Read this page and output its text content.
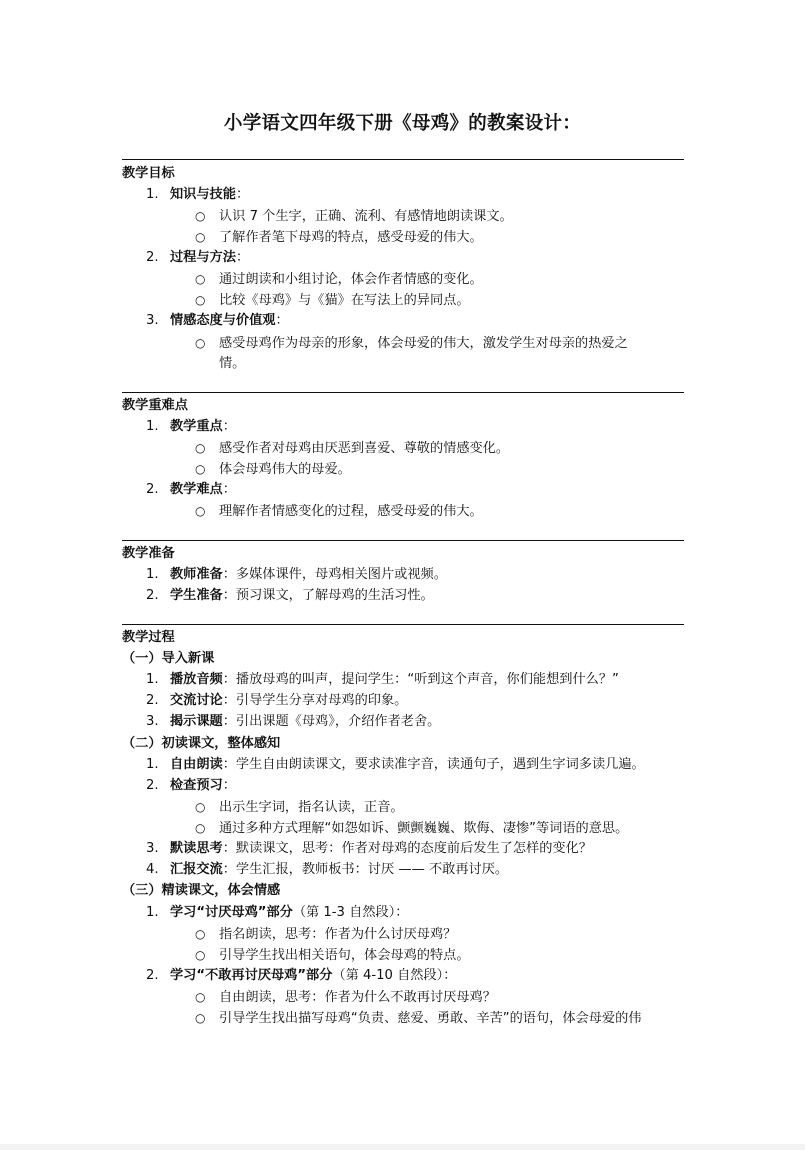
小学语文四年级下册《母鸡》的教案设计：
教学目标
1. 知识与技能：
○ 认识 7 个生字，正确、流利、有感情地朗读课文。
○ 了解作者笔下母鸡的特点，感受母爱的伟大。
2. 过程与方法：
○ 通过朗读和小组讨论，体会作者情感的变化。
○ 比较《母鸡》与《猫》在写法上的异同点。
3. 情感态度与价值观：
○ 感受母鸡作为母亲的形象，体会母爱的伟大，激发学生对母亲的热爱之
情。
教学重难点
1. 教学重点：
○ 感受作者对母鸡由厌恶到喜爱、尊敬的情感变化。
○ 体会母鸡伟大的母爱。
2. 教学难点：
○ 理解作者情感变化的过程，感受母爱的伟大。
教学准备
1. 教师准备：多媒体课件，母鸡相关图片或视频。
2. 学生准备：预习课文，了解母鸡的生活习性。
教学过程
（一）导入新课
1. 播放音频：播放母鸡的叫声，提问学生：“听到这个声音，你们能想到什么？”
2. 交流讨论：引导学生分享对母鸡的印象。
3. 揭示课题：引出课题《母鸡》，介绍作者老舍。
（二）初读课文，整体感知
1. 自由朗读：学生自由朗读课文，要求读准字音，读通句子，遇到生字词多读几遍。
2. 检查预习：
○ 出示生字词，指名认读，正音。
○ 通过多种方式理解“如怨如诉、颤颤巍巍、欺侮、凄惨”等词语的意思。
3. 默读思考：默读课文，思考：作者对母鸡的态度前后发生了怎样的变化？
4. 汇报交流：学生汇报，教师板书：讨厌 —— 不敢再讨厌。
（三）精读课文，体会情感
1. 学习“讨厌母鸡”部分（第 1-3 自然段）：
○ 指名朗读，思考：作者为什么讨厌母鸡？
○ 引导学生找出相关语句，体会母鸡的特点。
2. 学习“不敢再讨厌母鸡”部分（第 4-10 自然段）：
○ 自由朗读，思考：作者为什么不敢再讨厌母鸡？
○ 引导学生找出描写母鸡“负责、慈爱、勇敢、辛苦”的语句，体会母爱的伟
